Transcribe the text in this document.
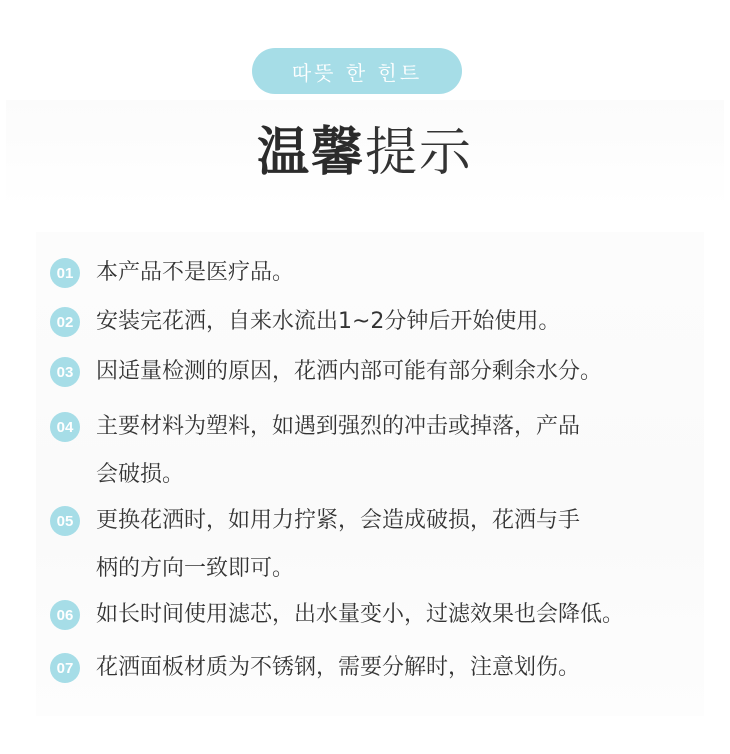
따뜻 한 힌트
温馨提示
01	本产品不是医疗品。
02	安装完花洒，自来水流出1~2分钟后开始使用。
03	因适量检测的原因，花洒内部可能有部分剩余水分。
04	主要材料为塑料，如遇到强烈的冲击或掉落，产品
会破损。
05	更换花洒时，如用力拧紧，会造成破损，花洒与手
柄的方向一致即可。
06	如长时间使用滤芯，出水量变小，过滤效果也会降低。
07	花洒面板材质为不锈钢，需要分解时，注意划伤。
